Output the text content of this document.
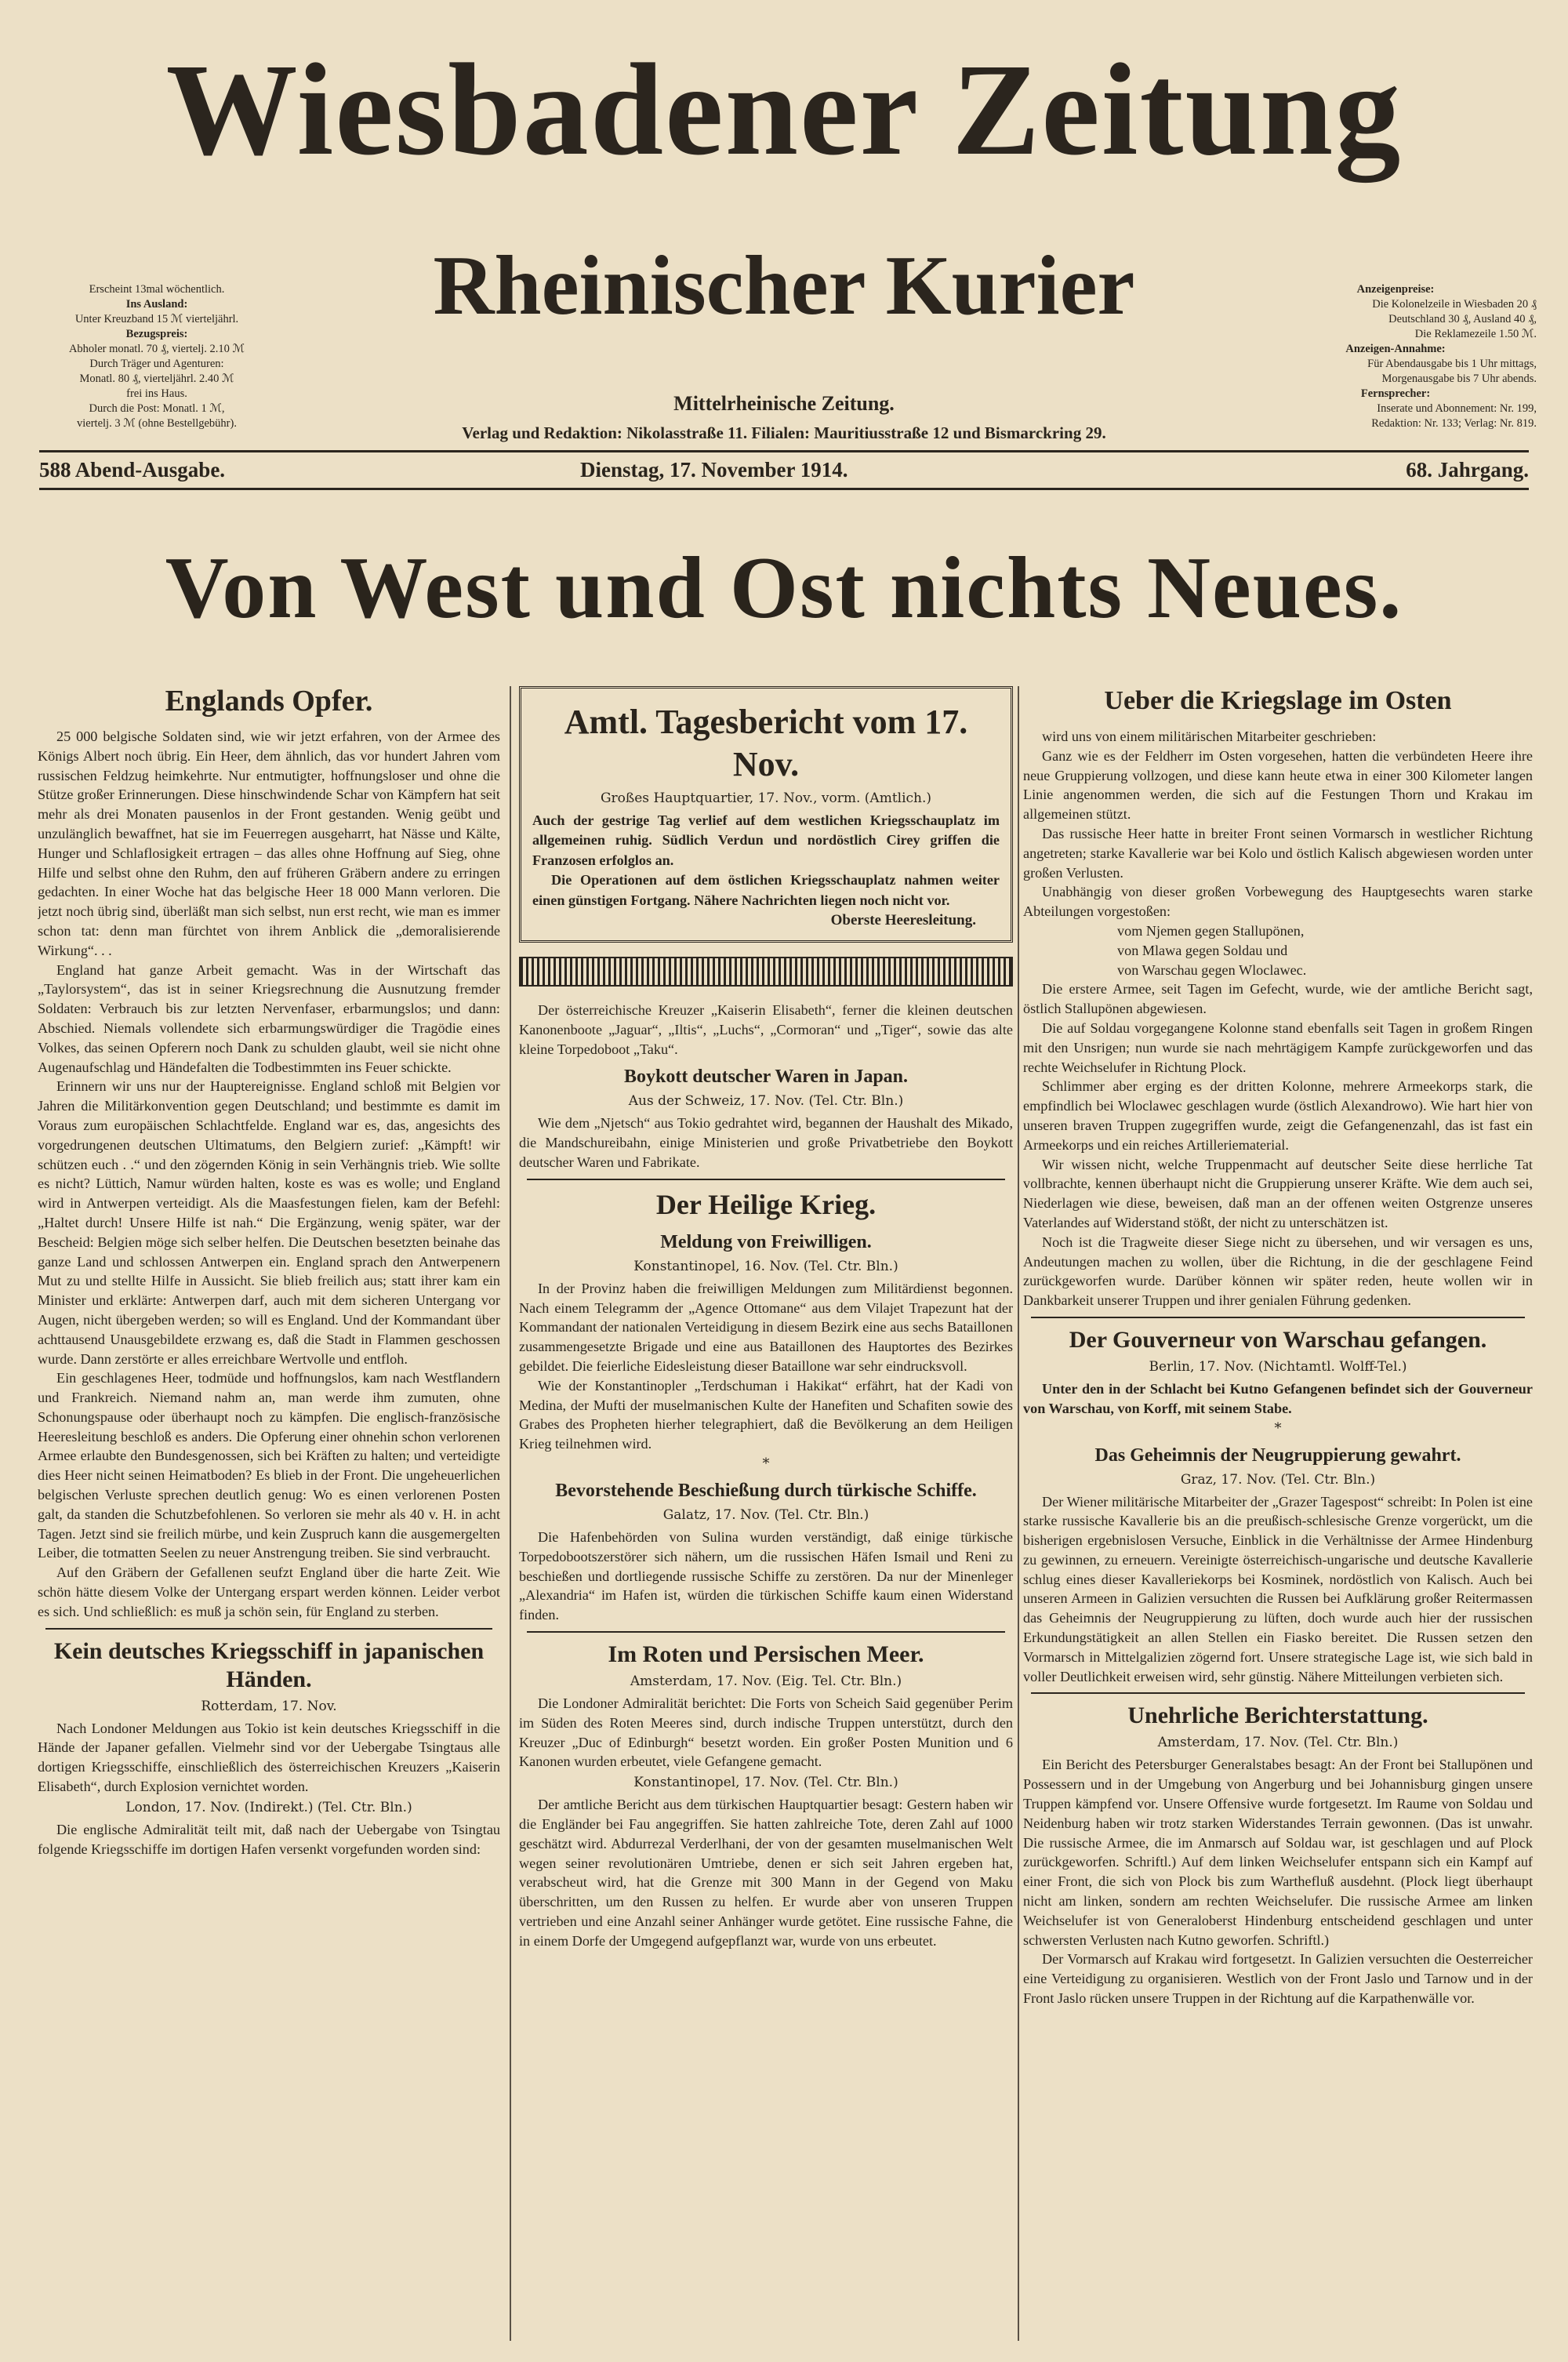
Wiesbadener Zeitung
Rheinischer Kurier
Mittelrheinische Zeitung.
Verlag und Redaktion: Nikolasstraße 11. Filialen: Mauritiusstraße 12 und Bismarckring 29.
Erscheint 13mal wöchentlich.
Ins Ausland:
Unter Kreuzband 15 ℳ vierteljährl.
Bezugspreis:
Abholer monatl. 70 ₰, viertelj. 2.10 ℳ
Durch Träger und Agenturen:
Monatl. 80 ₰, vierteljährl. 2.40 ℳ
frei ins Haus.
Durch die Post: Monatl. 1 ℳ,
viertelj. 3 ℳ (ohne Bestellgebühr).
Anzeigenpreise:
Die Kolonelzeile in Wiesbaden 20 ₰
Deutschland 30 ₰, Ausland 40 ₰,
Die Reklamezeile 1.50 ℳ.
Anzeigen-Annahme:
Für Abendausgabe bis 1 Uhr mittags,
Morgenausgabe bis 7 Uhr abends.
Fernsprecher:
Inserate und Abonnement: Nr. 199,
Redaktion: Nr. 133; Verlag: Nr. 819.
588 Abend-Ausgabe.	Dienstag, 17. November 1914.	68. Jahrgang.
Von West und Ost nichts Neues.
Englands Opfer.

25 000 belgische Soldaten sind, wie wir jetzt erfahren, von der Armee des Königs Albert noch übrig. Ein Heer, dem ähnlich, das vor hundert Jahren vom russischen Feldzug heimkehrte. Nur entmutigter, hoffnungsloser und ohne die Stütze großer Erinnerungen. Diese hinschwindende Schar von Kämpfern hat seit mehr als drei Monaten pausenlos in der Front gestanden. Wenig geübt und unzulänglich bewaffnet, hat sie im Feuerregen ausgeharrt, hat Nässe und Kälte, Hunger und Schlaflosigkeit ertragen – das alles ohne Hoffnung auf Sieg, ohne Hilfe und selbst ohne den Ruhm, den auf früheren Gräbern andere zu erringen gedachten. In einer Woche hat das belgische Heer 18 000 Mann verloren. Die jetzt noch übrig sind, überläßt man sich selbst, nun erst recht, wie man es immer schon tat: denn man fürchtet von ihrem Anblick die „demoralisierende Wirkung“. . .

England hat ganze Arbeit gemacht. Was in der Wirtschaft das „Taylorsystem“, das ist in seiner Kriegsrechnung die Ausnutzung fremder Soldaten: Verbrauch bis zur letzten Nervenfaser, erbarmungslos; und dann: Abschied. Niemals vollendete sich erbarmungswürdiger die Tragödie eines Volkes, das seinen Opferern noch Dank zu schulden glaubt, weil sie nicht ohne Augenaufschlag und Händefalten die Todbestimmten ins Feuer schickte.

Erinnern wir uns nur der Hauptereignisse. England schloß mit Belgien vor Jahren die Militärkonvention gegen Deutschland; und bestimmte es damit im Voraus zum europäischen Schlachtfelde. England war es, das, angesichts des vorgedrungenen deutschen Ultimatums, den Belgiern zurief: „Kämpft! wir schützen euch . .“ und den zögernden König in sein Verhängnis trieb. Wie sollte es nicht? Lüttich, Namur würden halten, koste es was es wolle; und England wird in Antwerpen verteidigt. Als die Maasfestungen fielen, kam der Befehl: „Haltet durch! Unsere Hilfe ist nah.“ Die Ergänzung, wenig später, war der Bescheid: Belgien möge sich selber helfen. Die Deutschen besetzten beinahe das ganze Land und schlossen Antwerpen ein. England sprach den Antwerpenern Mut zu und stellte Hilfe in Aussicht. Sie blieb freilich aus; statt ihrer kam ein Minister und erklärte: Antwerpen darf, auch mit dem sicheren Untergang vor Augen, nicht übergeben werden; so will es England. Und der Kommandant über achttausend Unausgebildete erzwang es, daß die Stadt in Flammen geschossen wurde. Dann zerstörte er alles erreichbare Wertvolle und entfloh.

Ein geschlagenes Heer, todmüde und hoffnungslos, kam nach Westflandern und Frankreich. Niemand nahm an, man werde ihm zumuten, ohne Schonungspause oder überhaupt noch zu kämpfen. Die englisch-französische Heeresleitung beschloß es anders. Die Opferung einer ohnehin schon verlorenen Armee erlaubte den Bundesgenossen, sich bei Kräften zu halten; und verteidigte dies Heer nicht seinen Heimatboden? Es blieb in der Front. Die ungeheuerlichen belgischen Verluste sprechen deutlich genug: Wo es einen verlorenen Posten galt, da standen die Schutzbefohlenen. So verloren sie mehr als 40 v. H. in acht Tagen. Jetzt sind sie freilich mürbe, und kein Zuspruch kann die ausgemergelten Leiber, die totmatten Seelen zu neuer Anstrengung treiben. Sie sind verbraucht.

Auf den Gräbern der Gefallenen seufzt England über die harte Zeit. Wie schön hätte diesem Volke der Untergang erspart werden können. Leider verbot es sich. Und schließlich: es muß ja schön sein, für England zu sterben.

Kein deutsches Kriegsschiff in japanischen Händen.
Rotterdam, 17. Nov.

Nach Londoner Meldungen aus Tokio ist kein deutsches Kriegsschiff in die Hände der Japaner gefallen. Vielmehr sind vor der Uebergabe Tsingtaus alle dortigen Kriegsschiffe, einschließlich des österreichischen Kreuzers „Kaiserin Elisabeth“, durch Explosion vernichtet worden.

London, 17. Nov. (Indirekt.) (Tel. Ctr. Bln.)

Die englische Admiralität teilt mit, daß nach der Uebergabe von Tsingtau folgende Kriegsschiffe im dortigen Hafen versenkt vorgefunden worden sind:

Amtl. Tagesbericht vom 17. Nov.
Großes Hauptquartier, 17. Nov., vorm. (Amtlich.)
Auch der gestrige Tag verlief auf dem westlichen Kriegsschauplatz im allgemeinen ruhig. Südlich Verdun und nordöstlich Cirey griffen die Franzosen erfolglos an.
Die Operationen auf dem östlichen Kriegsschauplatz nahmen weiter einen günstigen Fortgang. Nähere Nachrichten liegen noch nicht vor.
Oberste Heeresleitung.

Der österreichische Kreuzer „Kaiserin Elisabeth“, ferner die kleinen deutschen Kanonenboote „Jaguar“, „Iltis“, „Luchs“, „Cormoran“ und „Tiger“, sowie das alte kleine Torpedoboot „Taku“.

Boykott deutscher Waren in Japan.
Aus der Schweiz, 17. Nov. (Tel. Ctr. Bln.)

Wie dem „Njetsch“ aus Tokio gedrahtet wird, begannen der Haushalt des Mikado, die Mandschureibahn, einige Ministerien und große Privatbetriebe den Boykott deutscher Waren und Fabrikate.

Der Heilige Krieg.
Meldung von Freiwilligen.
Konstantinopel, 16. Nov. (Tel. Ctr. Bln.)

In der Provinz haben die freiwilligen Meldungen zum Militärdienst begonnen. Nach einem Telegramm der „Agence Ottomane“ aus dem Vilajet Trapezunt hat der Kommandant der nationalen Verteidigung in diesem Bezirk eine aus sechs Bataillonen zusammengesetzte Brigade und eine aus Bataillonen des Hauptortes des Bezirkes gebildet. Die feierliche Eidesleistung dieser Bataillone war sehr eindrucksvoll.

Wie der Konstantinopler „Terdschuman i Hakikat“ erfährt, hat der Kadi von Medina, der Mufti der muselmanischen Kulte der Hanefiten und Schafiten sowie des Grabes des Propheten hierher telegraphiert, daß die Bevölkerung an dem Heiligen Krieg teilnehmen wird.

*
Bevorstehende Beschießung durch türkische Schiffe.
Galatz, 17. Nov. (Tel. Ctr. Bln.)

Die Hafenbehörden von Sulina wurden verständigt, daß einige türkische Torpedobootszerstörer sich nähern, um die russischen Häfen Ismail und Reni zu beschießen und dortliegende russische Schiffe zu zerstören. Da nur der Minenleger „Alexandria“ im Hafen ist, würden die türkischen Schiffe kaum einen Widerstand finden.

Im Roten und Persischen Meer.
Amsterdam, 17. Nov. (Eig. Tel. Ctr. Bln.)

Die Londoner Admiralität berichtet: Die Forts von Scheich Said gegenüber Perim im Süden des Roten Meeres sind, durch indische Truppen unterstützt, durch den Kreuzer „Duc of Edinburgh“ besetzt worden. Ein großer Posten Munition und 6 Kanonen wurden erbeutet, viele Gefangene gemacht.

Konstantinopel, 17. Nov. (Tel. Ctr. Bln.)

Der amtliche Bericht aus dem türkischen Hauptquartier besagt: Gestern haben wir die Engländer bei Fau angegriffen. Sie hatten zahlreiche Tote, deren Zahl auf 1000 geschätzt wird. Abdurrezal Verderlhani, der von der gesamten muselmanischen Welt wegen seiner revolutionären Umtriebe, denen er sich seit Jahren ergeben hat, verabscheut wird, hat die Grenze mit 300 Mann in der Gegend von Maku überschritten, um den Russen zu helfen. Er wurde aber von unseren Truppen vertrieben und eine Anzahl seiner Anhänger wurde getötet. Eine russische Fahne, die in einem Dorfe der Umgegend aufgepflanzt war, wurde von uns erbeutet.

Ueber die Kriegslage im Osten

wird uns von einem militärischen Mitarbeiter geschrieben:

Ganz wie es der Feldherr im Osten vorgesehen, hatten die verbündeten Heere ihre neue Gruppierung vollzogen, und diese kann heute etwa in einer 300 Kilometer langen Linie angenommen werden, die sich auf die Festungen Thorn und Krakau im allgemeinen stützt.

Das russische Heer hatte in breiter Front seinen Vormarsch in westlicher Richtung angetreten; starke Kavallerie war bei Kolo und östlich Kalisch abgewiesen worden unter großen Verlusten.

Unabhängig von dieser großen Vorbewegung des Hauptgesechts waren starke Abteilungen vorgestoßen:

vom Njemen gegen Stallupönen,
von Mlawa gegen Soldau und
von Warschau gegen Wloclawec.

Die erstere Armee, seit Tagen im Gefecht, wurde, wie der amtliche Bericht sagt, östlich Stallupönen abgewiesen.

Die auf Soldau vorgegangene Kolonne stand ebenfalls seit Tagen in großem Ringen mit den Unsrigen; nun wurde sie nach mehrtägigem Kampfe zurückgeworfen und das rechte Weichselufer in Richtung Plock.

Schlimmer aber erging es der dritten Kolonne, mehrere Armeekorps stark, die empfindlich bei Wloclawec geschlagen wurde (östlich Alexandrowo). Wie hart hier von unseren braven Truppen zugegriffen wurde, zeigt die Gefangenenzahl, das ist fast ein Armeekorps und ein reiches Artilleriematerial.

Wir wissen nicht, welche Truppenmacht auf deutscher Seite diese herrliche Tat vollbrachte, kennen überhaupt nicht die Gruppierung unserer Kräfte. Wie dem auch sei, Niederlagen wie diese, beweisen, daß man an der offenen weiten Ostgrenze unseres Vaterlandes auf Widerstand stößt, der nicht zu unterschätzen ist.

Noch ist die Tragweite dieser Siege nicht zu übersehen, und wir versagen es uns, Andeutungen machen zu wollen, über die Richtung, in die der geschlagene Feind zurückgeworfen wurde. Darüber können wir später reden, heute wollen wir in Dankbarkeit unserer Truppen und ihrer genialen Führung gedenken.

Der Gouverneur von Warschau gefangen.
Berlin, 17. Nov. (Nichtamtl. Wolff-Tel.)

Unter den in der Schlacht bei Kutno Gefangenen befindet sich der Gouverneur von Warschau, von Korff, mit seinem Stabe.

*
Das Geheimnis der Neugruppierung gewahrt.
Graz, 17. Nov. (Tel. Ctr. Bln.)

Der Wiener militärische Mitarbeiter der „Grazer Tagespost“ schreibt: In Polen ist eine starke russische Kavallerie bis an die preußisch-schlesische Grenze vorgerückt, um die bisherigen ergebnislosen Versuche, Einblick in die Verhältnisse der Armee Hindenburg zu gewinnen, zu erneuern. Vereinigte österreichisch-ungarische und deutsche Kavallerie schlug eines dieser Kavalleriekorps bei Kosminek, nordöstlich von Kalisch. Auch bei unseren Armeen in Galizien versuchten die Russen bei Aufklärung großer Reitermassen das Geheimnis der Neugruppierung zu lüften, doch wurde auch hier der russischen Erkundungstätigkeit an allen Stellen ein Fiasko bereitet. Die Russen setzen den Vormarsch in Mittelgalizien zögernd fort. Unsere strategische Lage ist, wie sich bald in voller Deutlichkeit erweisen wird, sehr günstig. Nähere Mitteilungen verbieten sich.

Unehrliche Berichterstattung.
Amsterdam, 17. Nov. (Tel. Ctr. Bln.)

Ein Bericht des Petersburger Generalstabes besagt: An der Front bei Stallupönen und Possessern und in der Umgebung von Angerburg und bei Johannisburg gingen unsere Truppen kämpfend vor. Unsere Offensive wurde fortgesetzt. Im Raume von Soldau und Neidenburg haben wir trotz starken Widerstandes Terrain gewonnen. (Das ist unwahr. Die russische Armee, die im Anmarsch auf Soldau war, ist geschlagen und auf Plock zurückgeworfen. Schriftl.) Auf dem linken Weichselufer entspann sich ein Kampf auf einer Front, die sich von Plock bis zum Warthefluß ausdehnt. (Plock liegt überhaupt nicht am linken, sondern am rechten Weichselufer. Die russische Armee am linken Weichselufer ist von Generaloberst Hindenburg entscheidend geschlagen und unter schwersten Verlusten nach Kutno geworfen. Schriftl.)

Der Vormarsch auf Krakau wird fortgesetzt. In Galizien versuchten die Oesterreicher eine Verteidigung zu organisieren. Westlich von der Front Jaslo und Tarnow und in der Front Jaslo rücken unsere Truppen in der Richtung auf die Karpathenwälle vor.
